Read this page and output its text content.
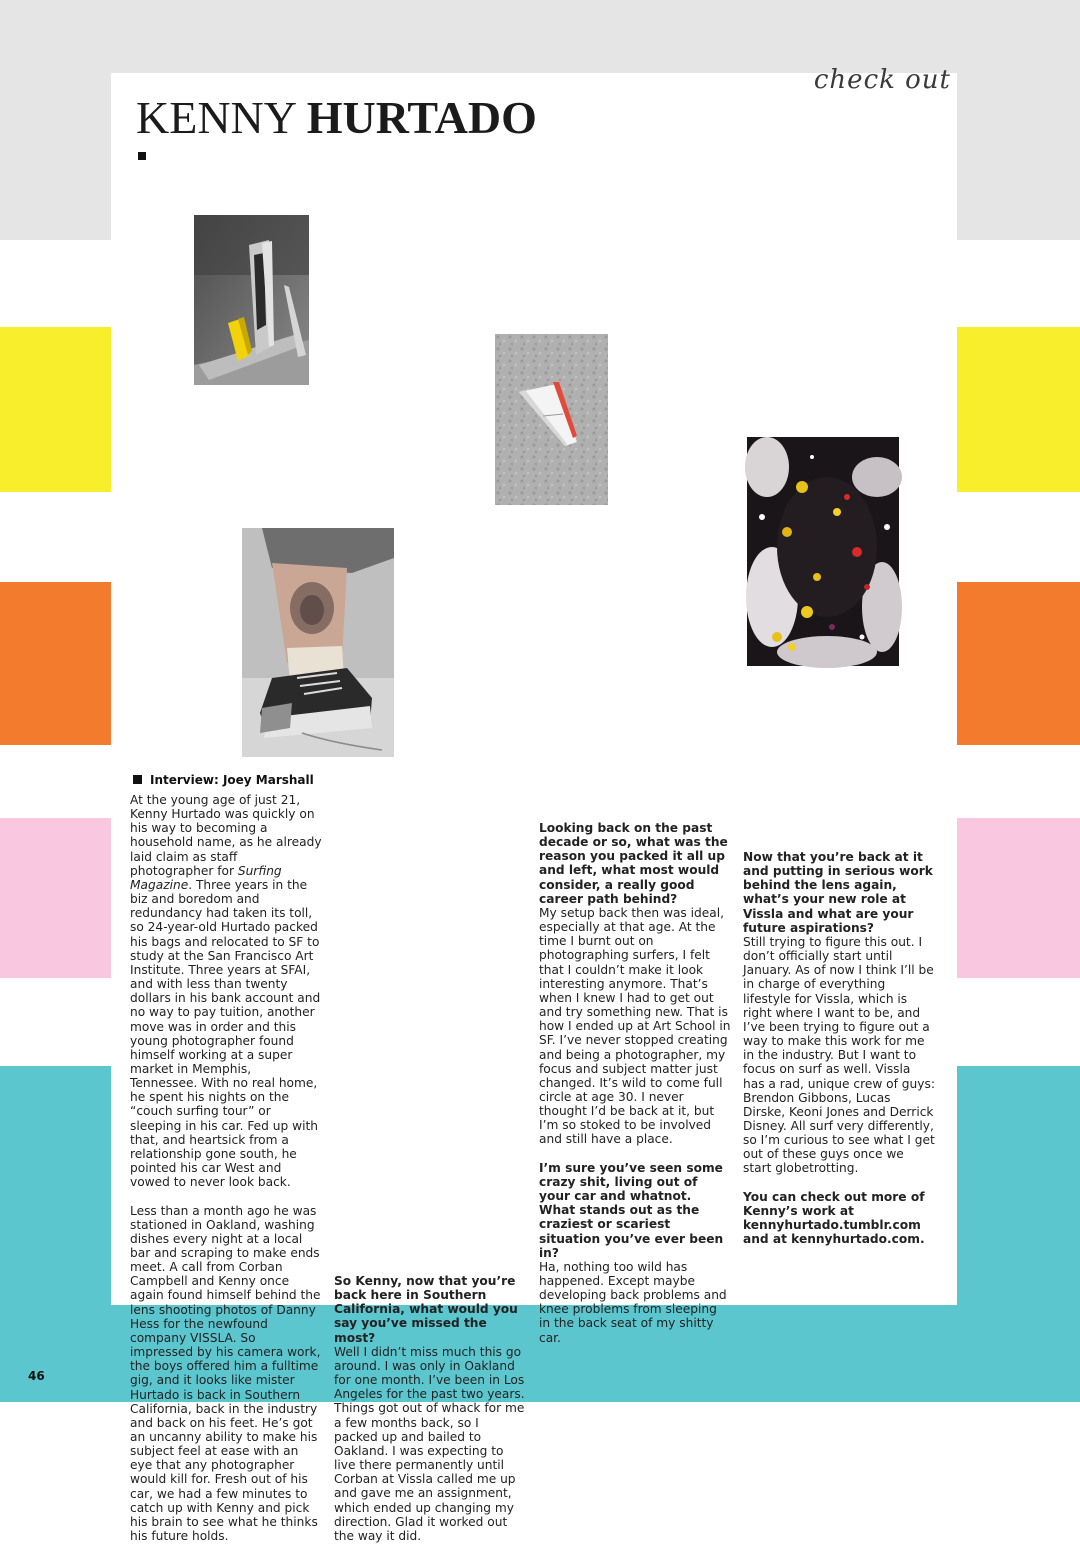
check out
KENNY HURTADO
Interview: Joey Marshall

At the young age of just 21, Kenny Hurtado was quickly on his way to becoming a household name, as he already laid claim as staff photographer for Surfing Magazine. Three years in the biz and boredom and redundancy had taken its toll, so 24-year-old Hurtado packed his bags and relocated to SF to study at the San Francisco Art Institute. Three years at SFAI, and with less than twenty dollars in his bank account and no way to pay tuition, another move was in order and this young photographer found himself working at a super market in Memphis, Tennessee. With no real home, he spent his nights on the “couch surfing tour” or sleeping in his car. Fed up with that, and heartsick from a relationship gone south, he pointed his car West and vowed to never look back.

Less than a month ago he was stationed in Oakland, washing dishes every night at a local bar and scraping to make ends meet. A call from Corban Campbell and Kenny once again found himself behind the lens shooting photos of Danny Hess for the newfound company VISSLA. So impressed by his camera work, the boys offered him a fulltime gig, and it looks like mister Hurtado is back in Southern California, back in the industry and back on his feet. He’s got an uncanny ability to make his subject feel at ease with an eye that any photographer would kill for. Fresh out of his car, we had a few minutes to catch up with Kenny and pick his brain to see what he thinks his future holds.

So Kenny, now that you’re back here in Southern California, what would you say you’ve missed the most?

Well I didn’t miss much this go around. I was only in Oakland for one month. I’ve been in Los Angeles for the past two years. Things got out of whack for me a few months back, so I packed up and bailed to Oakland. I was expecting to live there permanently until Corban at Vissla called me up and gave me an assignment, which ended up changing my direction. Glad it worked out the way it did.

Looking back on the past decade or so, what was the reason you packed it all up and left, what most would consider, a really good career path behind?

My setup back then was ideal, especially at that age. At the time I burnt out on photographing surfers, I felt that I couldn’t make it look interesting anymore. That’s when I knew I had to get out and try something new. That is how I ended up at Art School in SF. I’ve never stopped creating and being a photographer, my focus and subject matter just changed. It’s wild to come full circle at age 30. I never thought I’d be back at it, but I’m so stoked to be involved and still have a place.

I’m sure you’ve seen some crazy shit, living out of your car and whatnot. What stands out as the craziest or scariest situation you’ve ever been in?

Ha, nothing too wild has happened. Except maybe developing back problems and knee problems from sleeping in the back seat of my shitty car.

Now that you’re back at it and putting in serious work behind the lens again, what’s your new role at Vissla and what are your future aspirations?

Still trying to figure this out. I don’t officially start until January. As of now I think I’ll be in charge of everything lifestyle for Vissla, which is right where I want to be, and I’ve been trying to figure out a way to make this work for me in the industry. But I want to focus on surf as well. Vissla has a rad, unique crew of guys: Brendon Gibbons, Lucas Dirske, Keoni Jones and Derrick Disney. All surf very differently, so I’m curious to see what I get out of these guys once we start globetrotting.

You can check out more of Kenny’s work at kennyhurtado.tumblr.com and at kennyhurtado.com.

46
